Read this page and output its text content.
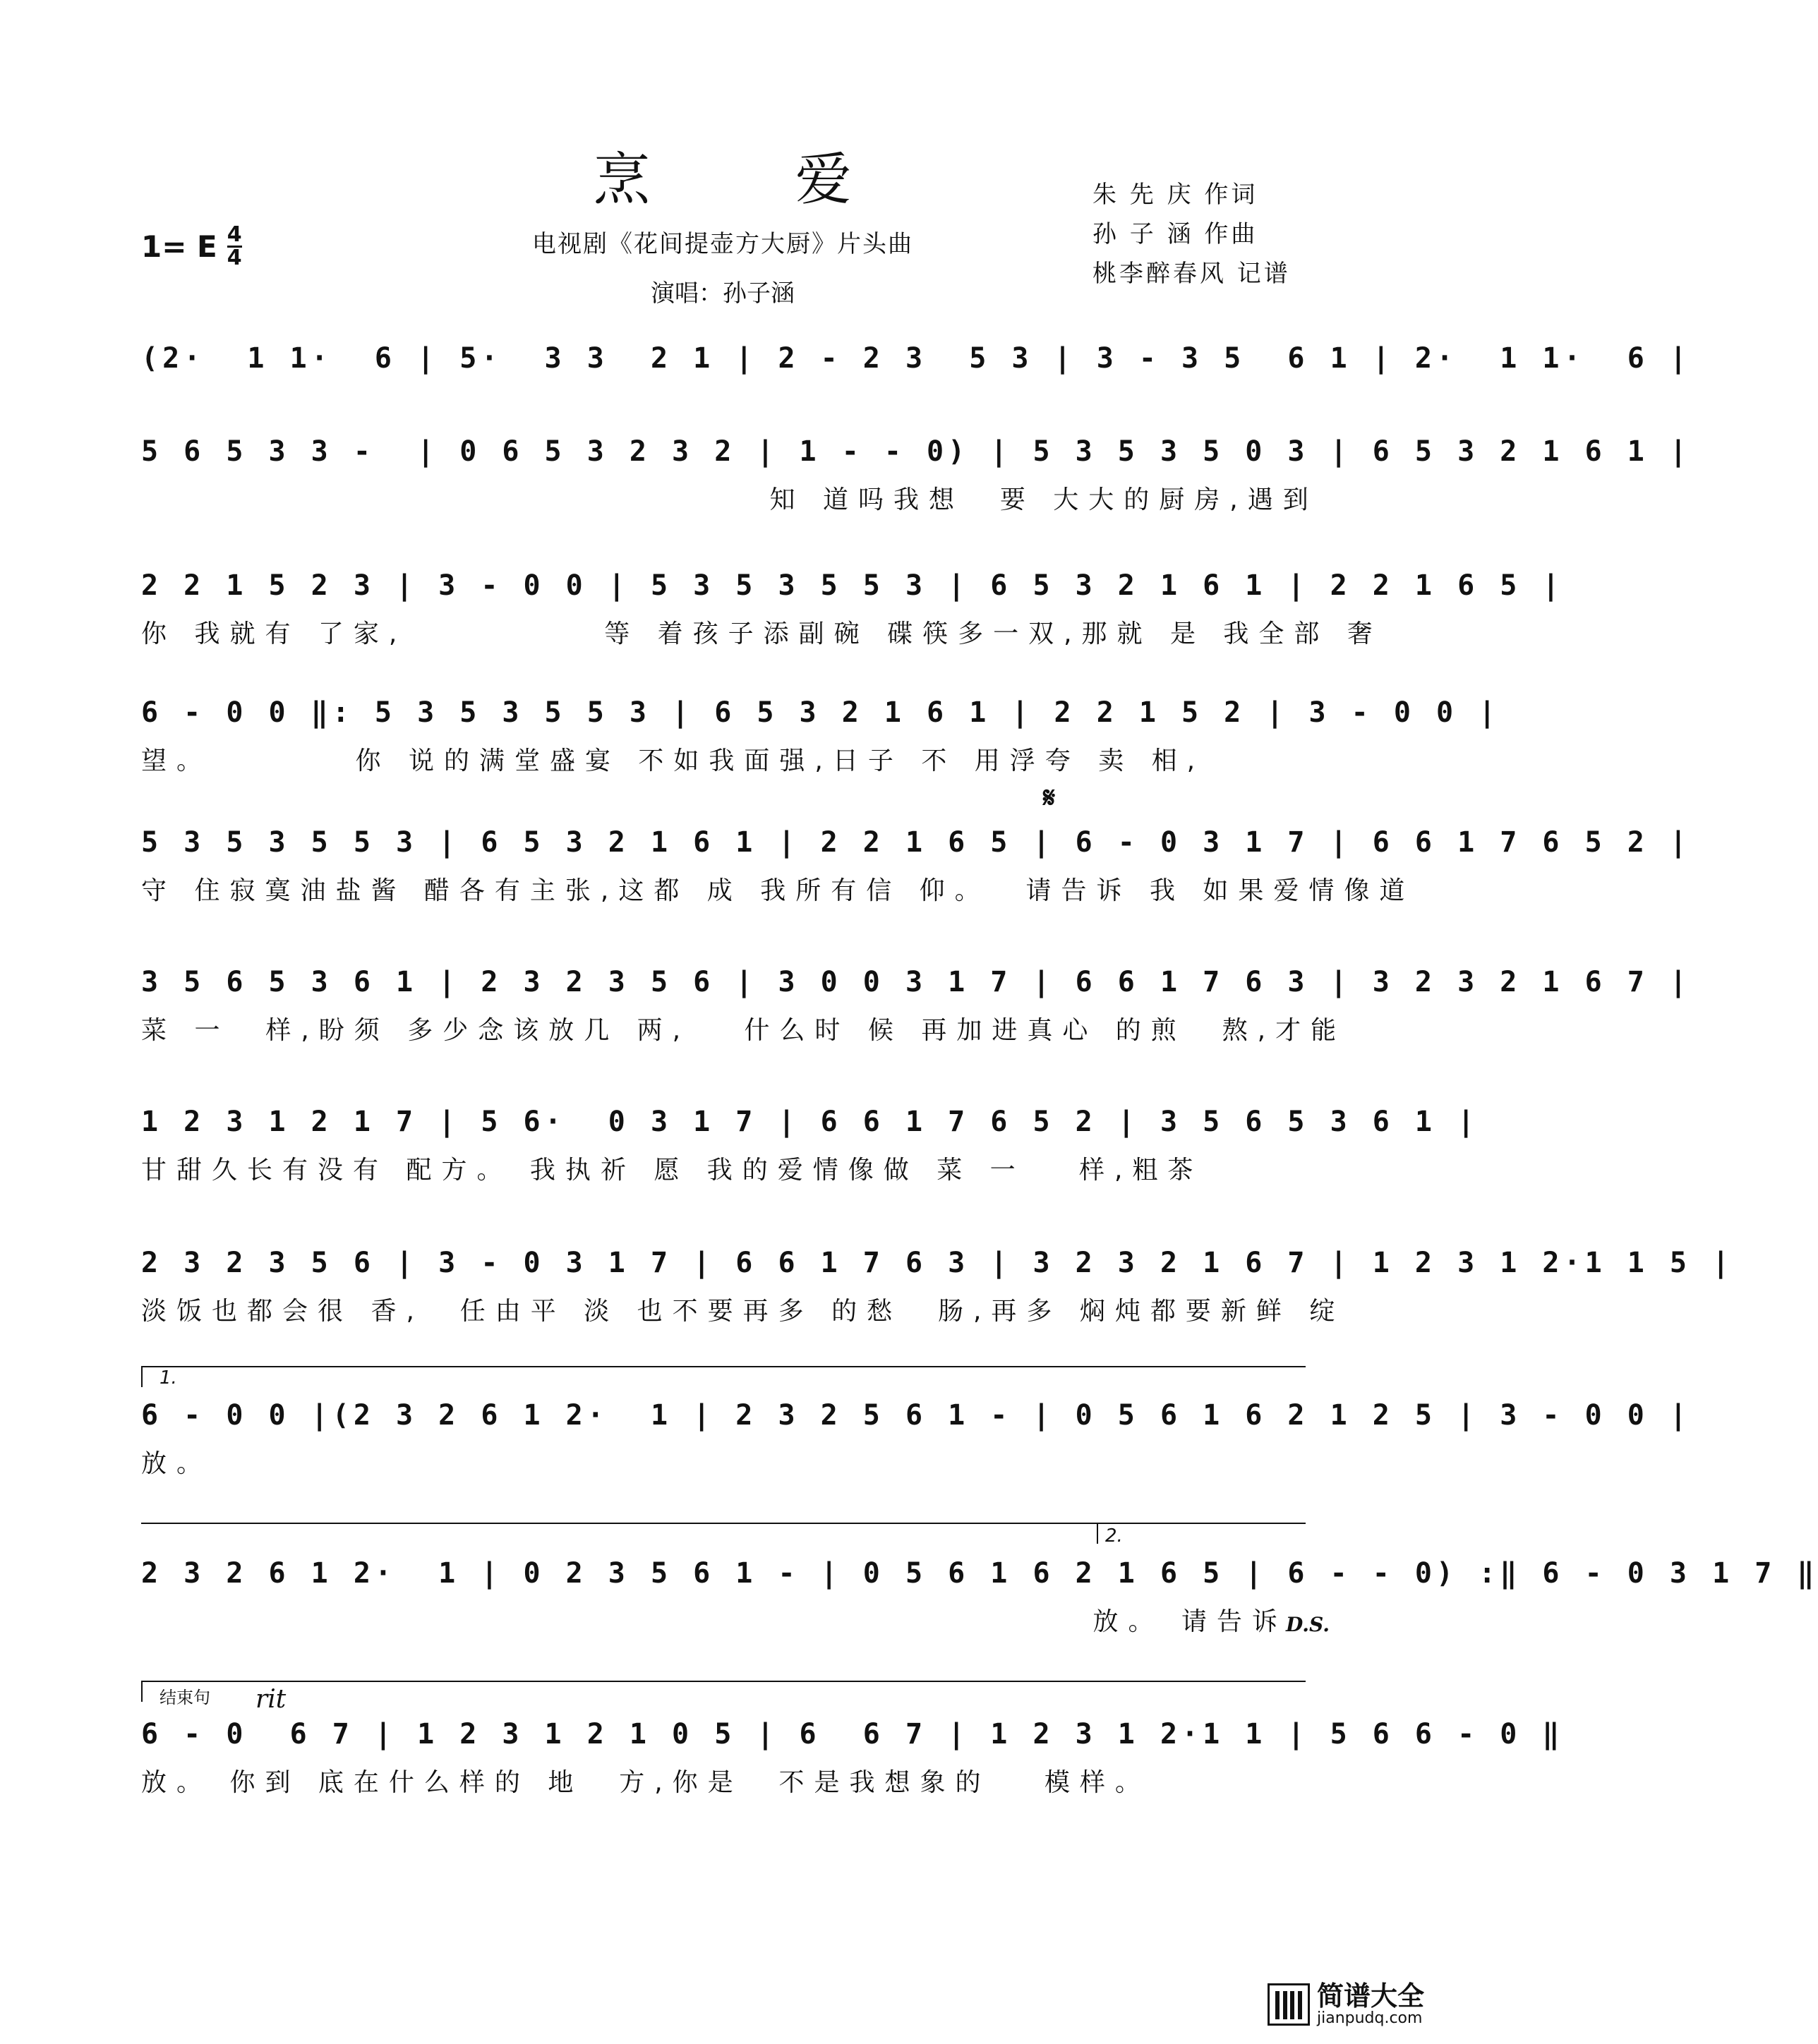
烹 爱
电视剧《花间提壶方大厨》片头曲
演唱：孙子涵
1= E 4
4
朱 先 庆 作词
孙 子 涵 作曲
桃李醉春风 记谱
(2·  1 1·  6 | 5·  3 3  2 1 | 2 - 2 3  5 3 | 3 - 3 5  6 1 | 2·  1 1·  6 |
5 6 5 3 3 -  | 0 6 5 3 2 3 2 | 1 - - 0) | 5 3 5 3 5 0 3 | 6 5 3 2 1 6 1 |
知 道吗我想  要 大大的厨房,遇到
2 2 1 5 2 3 | 3 - 0 0 | 5 3 5 3 5 5 3 | 6 5 3 2 1 6 1 | 2 2 1 6 5 |
你 我就有 了家,           等 着孩子添副碗 碟筷多一双,那就 是 我全部 奢
6 - 0 0 ‖: 5 3 5 3 5 5 3 | 6 5 3 2 1 6 1 | 2 2 1 5 2 | 3 - 0 0 |
望。        你 说的满堂盛宴 不如我面强,日子 不 用浮夸 卖 相,
𝄋
5 3 5 3 5 5 3 | 6 5 3 2 1 6 1 | 2 2 1 6 5 | 6 - 0 3 1 7 | 6 6 1 7 6 5 2 |
守 住寂寞油盐酱 醋各有主张,这都 成 我所有信 仰。  请告诉 我 如果爱情像道
3 5 6 5 3 6 1 | 2 3 2 3 5 6 | 3 0 0 3 1 7 | 6 6 1 7 6 3 | 3 2 3 2 1 6 7 |
菜 一  样,盼须 多少念该放几 两,   什么时 候 再加进真心 的煎  熬,才能
1 2 3 1 2 1 7 | 5 6·  0 3 1 7 | 6 6 1 7 6 5 2 | 3 5 6 5 3 6 1 |
甘甜久长有没有 配方。 我执祈 愿 我的爱情像做 菜 一   样,粗茶
2 3 2 3 5 6 | 3 - 0 3 1 7 | 6 6 1 7 6 3 | 3 2 3 2 1 6 7 | 1 2 3 1 2·1 1 5 |
淡饭也都会很 香,  任由平 淡 也不要再多 的愁  肠,再多 焖炖都要新鲜 绽
1.
6 - 0 0 |(2 3 2 6 1 2·  1 | 2 3 2 5 6 1 - | 0 5 6 1 6 2 1 2 5 | 3 - 0 0 |
放。
2.
2 3 2 6 1 2·  1 | 0 2 3 5 6 1 - | 0 5 6 1 6 2 1 6 5 | 6 - - 0) :‖ 6 - 0 3 1 7 ‖
放。 请告诉
D.S.
结束句 rit
6 - 0  6 7 | 1 2 3 1 2 1 0 5 | 6  6 7 | 1 2 3 1 2·1 1 | 5 6 6 - 0 ‖
放。 你到 底在什么样的 地  方,你是  不是我想象的   模样。
简谱大全
jianpudq.com
